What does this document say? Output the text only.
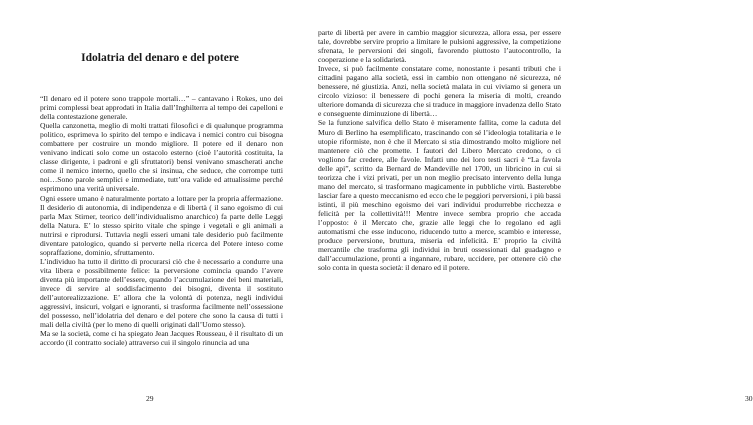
Idolatria del denaro e del potere

“Il denaro ed il potere sono trappole mortali…” – cantavano i Rokes, uno dei primi complessi beat approdati in Italia dall’Inghilterra al tempo dei capelloni e della contestazione generale.

Quella canzonetta, meglio di molti trattati filosofici e di qualunque programma politico, esprimeva lo spirito del tempo e indicava i nemici contro cui bisogna combattere per costruire un mondo migliore. Il potere ed il denaro non venivano indicati solo come un ostacolo esterno (cioè l’autorità costituita, la classe dirigente, i padroni e gli sfruttatori) bensì venivano smascherati anche come il nemico interno, quello che si insinua, che seduce, che corrompe tutti noi…Sono parole semplici e immediate, tutt’ora valide ed attualissime perché esprimono una verità universale.

Ogni essere umano è naturalmente portato a lottare per la propria affermazione. Il desiderio di autonomia, di indipendenza e di libertà ( il sano egoismo di cui parla Max Stirner, teorico dell’individualismo anarchico) fa parte delle Leggi della Natura. E’ lo stesso spirito vitale che spinge i vegetali e gli animali a nutrirsi e riprodursi. Tuttavia negli esseri umani tale desiderio può facilmente diventare patologico, quando si perverte nella ricerca del Potere inteso come sopraffazione, dominio, sfruttamento.

L’individuo ha tutto il diritto di procurarsi ciò che è necessario a condurre una vita libera e possibilmente felice: la perversione comincia quando l’avere diventa più importante dell’essere, quando l’accumulazione dei beni materiali, invece di servire al soddisfacimento dei bisogni, diventa il sostituto dell’autorealizzazione. E’ allora che la volontà di potenza, negli individui aggressivi, insicuri, volgari e ignoranti, si trasforma facilmente nell’ossessione del possesso, nell’idolatria del denaro e del potere che sono la causa di tutti i mali della civiltà (per lo meno di quelli originati dall’Uomo stesso).

Ma se la società, come ci ha spiegato Jean Jacques Rousseau, è il risultato di un accordo (il contratto sociale) attraverso cui il singolo rinuncia ad una

29	30

parte di libertà per avere in cambio maggior sicurezza, allora essa, per essere tale, dovrebbe servire proprio a limitare le pulsioni aggressive, la competizione sfrenata, le perversioni dei singoli, favorendo piuttosto l’autocontrollo, la cooperazione e la solidarietà.

Invece, si può facilmente constatare come, nonostante i pesanti tributi che i cittadini pagano alla società, essi in cambio non ottengano né sicurezza, né benessere, né giustizia. Anzi, nella società malata in cui viviamo si genera un circolo vizioso: il benessere di pochi genera la miseria di molti, creando ulteriore domanda di sicurezza che si traduce in maggiore invadenza dello Stato e conseguente diminuzione di libertà…

Se la funzione salvifica dello Stato è miseramente fallita, come la caduta del Muro di Berlino ha esemplificato, trascinando con sé l’ideologia totalitaria e le utopie riformiste, non è che il Mercato si stia dimostrando molto migliore nel mantenere ciò che promette. I fautori del Libero Mercato credono, o ci vogliono far credere, alle favole. Infatti uno dei loro testi sacri è “La favola delle api”, scritto da Bernard de Mandeville nel 1700, un libricino in cui si teorizza che i vizi privati, per un non meglio precisato intervento della lunga mano del mercato, si trasformano magicamente in pubbliche virtù. Basterebbe lasciar fare a questo meccanismo ed ecco che le peggiori perversioni, i più bassi istinti, il più meschino egoismo dei vari individui produrrebbe ricchezza e felicità per la collettività!!! Mentre invece sembra proprio che accada l’opposto: è il Mercato che, grazie alle leggi che lo regolano ed agli automatismi che esse inducono, riducendo tutto a merce, scambio e interesse, produce perversione, bruttura, miseria ed infelicità. E’ proprio la civiltà mercantile che trasforma gli individui in bruti ossessionati dal guadagno e dall’accumulazione, pronti a ingannare, rubare, uccidere, per ottenere ciò che solo conta in questa società: il denaro ed il potere.
